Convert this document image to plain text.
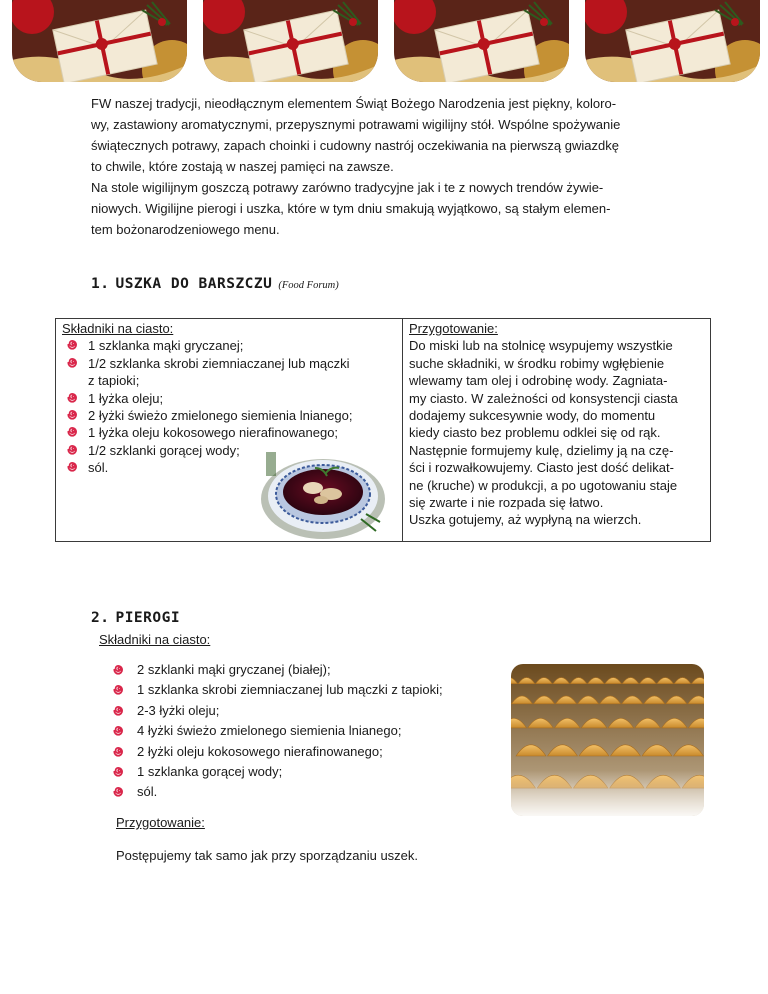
FW naszej tradycji, nieodłącznym elementem Świąt Bożego Narodzenia jest piękny, koloro-

wy, zastawiony aromatycznymi, przepysznymi potrawami wigilijny stół. Wspólne spożywanie

świątecznych potrawy, zapach choinki i cudowny nastrój oczekiwania na pierwszą gwiazdkę

to chwile, które zostają w naszej pamięci na zawsze.

Na stole wigilijnym goszczą potrawy zarówno tradycyjne jak i te z nowych trendów żywie-

niowych. Wigilijne pierogi i uszka, które w tym dniu smakują wyjątkowo, są stałym elemen-

tem bożonarodzeniowego menu.

1. USZKA DO BARSZCZU (Food Forum)

Składniki na ciasto:

1 szklanka mąki gryczanej;
1/2 szklanka skrobi ziemniaczanej lub mączki
z tapioki;
1 łyżka oleju;
2 łyżki świeżo zmielonego siemienia lnianego;
1 łyżka oleju kokosowego nierafinowanego;
1/2 szklanki gorącej wody;
sól.

Przygotowanie:

Do miski lub na stolnicę wsypujemy wszystkie
suche składniki, w środku robimy wgłębienie
wlewamy tam olej i odrobinę wody. Zagniata-
my ciasto. W zależności od konsystencji ciasta
dodajemy sukcesywnie wody, do momentu
kiedy ciasto bez problemu odklei się od rąk.
Następnie formujemy kulę, dzielimy ją na czę-
ści i rozwałkowujemy. Ciasto jest dość delikat-
ne (kruche) w produkcji, a po ugotowaniu staje
się zwarte i nie rozpada się łatwo.
Uszka gotujemy, aż wypłyną na wierzch.

2. PIEROGI

Składniki na ciasto:

2 szklanki mąki gryczanej (białej);
1 szklanka skrobi ziemniaczanej lub mączki z tapioki;
2-3 łyżki oleju;
4 łyżki świeżo zmielonego siemienia lnianego;
2 łyżki oleju kokosowego nierafinowanego;
1 szklanka gorącej wody;
sól.

Przygotowanie:

Postępujemy tak samo jak przy sporządzaniu uszek.
